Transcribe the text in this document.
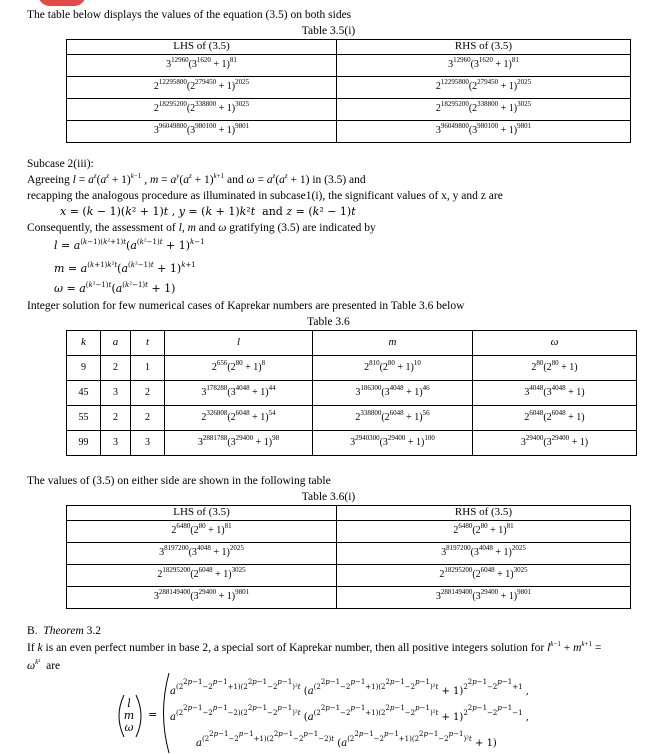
The table below displays the values of the equation (3.5) on both sides
Table 3.5(i)
LHS of (3.5)	RHS of (3.5)
$3^{12960}(3^{1620} + 1)^{81}$	$3^{12960}(3^{1620} + 1)^{81}$
$2^{12295800}(2^{279450} + 1)^{2025}$	$2^{12295800}(2^{279450} + 1)^{2025}$
$2^{18295200}(2^{338800} + 1)^{3025}$	$2^{18295200}(2^{338800} + 1)^{3025}$
$3^{96049800}(3^{980100} + 1)^{9801}$	$3^{96049800}(3^{980100} + 1)^{9801}$
Subcase 2(iii):
Agreeing $l = a^z(a^z + 1)^{k-1}$ , $m = a^y(a^z + 1)^{k+1}$ and $\omega = a^z(a^z + 1)$ in (3.5) and
recapping the analogous procedure as illuminated in subcase1(i), the significant values of x, y and z are
x = (k − 1)(k² + 1)t , y = (k + 1)k²t  and z = (k² − 1)t
Consequently, the assessment of l, m and ω gratifying (3.5) are indicated by
$l = a^{(k-1)(k^2+1)t}(a^{(k^2-1)t} + 1)^{k-1}$
$m = a^{(k+1)k^2t}(a^{(k^2-1)t} + 1)^{k+1}$
$\omega = a^{(k^2-1)t}(a^{(k^2-1)t} + 1)$
Integer solution for few numerical cases of Kaprekar numbers are presented in Table 3.6 below
Table 3.6
k	a	t	l	m	ω
9	2	1	$2^{656}(2^{80} + 1)^8$	$2^{810}(2^{80} + 1)^{10}$	$2^{80}(2^{80} + 1)$
45	3	2	$3^{178288}(3^{4048} + 1)^{44}$	$3^{186300}(3^{4048} + 1)^{46}$	$3^{4048}(3^{4048} + 1)$
55	2	2	$2^{326808}(2^{6048} + 1)^{54}$	$2^{338800}(2^{6048} + 1)^{56}$	$2^{6048}(2^{6048} + 1)$
99	3	3	$3^{2881788}(3^{29400} + 1)^{98}$	$3^{2940300}(3^{29400} + 1)^{100}$	$3^{29400}(3^{29400} + 1)$
The values of (3.5) on either side are shown in the following table
Table 3.6(i)
LHS of (3.5)	RHS of (3.5)
$2^{6480}(2^{80} + 1)^{81}$	$2^{6480}(2^{80} + 1)^{81}$
$3^{8197200}(3^{4048} + 1)^{2025}$	$3^{8197200}(3^{4048} + 1)^{2025}$
$2^{18295200}(2^{6048} + 1)^{3025}$	$2^{18295200}(2^{6048} + 1)^{3025}$
$3^{288149400}(3^{29400} + 1)^{9801}$	$3^{288149400}(3^{29400} + 1)^{9801}$
B.  Theorem 3.2
If k is an even perfect number in base 2, a special sort of Kaprekar number, then all positive integers solution for $l^{k-1} + m^{k+1}$ =
$\omega^{k^2}$  are
l
m
ω
=
$a^{(2^{2p-1}-2^{p-1}+1)(2^{2p-1}-2^{p-1})^2t}$ $(a^{(2^{2p-1}-2^{p-1}+1)(2^{2p-1}-2^{p-1})^2t} + 1)^{2^{2p-1}-2^{p-1}+1}$ ,
$a^{(2^{2p-1}-2^{p-1}-2)(2^{2p-1}-2^{p-1})^2t}$ $(a^{(2^{2p-1}-2^{p-1}+1)(2^{2p-1}-2^{p-1})^2t} + 1)^{2^{2p-1}-2^{p-1}-1}$ ,
$a^{(2^{2p-1}-2^{p-1}+1)(2^{2p-1}-2^{p-1}-2)t}$ $(a^{(2^{2p-1}-2^{p-1}+1)(2^{2p-1}-2^{p-1})^2t} + 1)$
